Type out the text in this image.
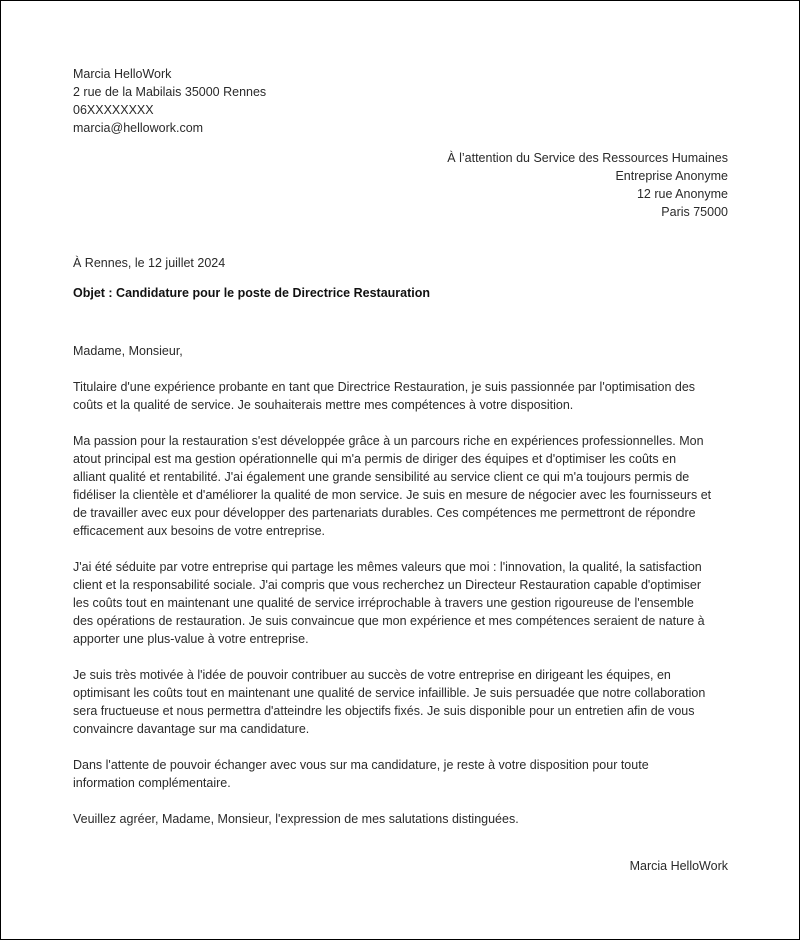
Marcia HelloWork
2 rue de la Mabilais 35000 Rennes
06XXXXXXXX
marcia@hellowork.com
À l’attention du Service des Ressources Humaines
Entreprise Anonyme
12 rue Anonyme
Paris 75000
À Rennes, le 12 juillet 2024
Objet : Candidature pour le poste de Directrice Restauration

Madame, Monsieur,

Titulaire d'une expérience probante en tant que Directrice Restauration, je suis passionnée par l'optimisation des
coûts et la qualité de service. Je souhaiterais mettre mes compétences à votre disposition.

Ma passion pour la restauration s'est développée grâce à un parcours riche en expériences professionnelles. Mon
atout principal est ma gestion opérationnelle qui m'a permis de diriger des équipes et d'optimiser les coûts en
alliant qualité et rentabilité. J'ai également une grande sensibilité au service client ce qui m'a toujours permis de
fidéliser la clientèle et d'améliorer la qualité de mon service. Je suis en mesure de négocier avec les fournisseurs et
de travailler avec eux pour développer des partenariats durables. Ces compétences me permettront de répondre
efficacement aux besoins de votre entreprise.

J'ai été séduite par votre entreprise qui partage les mêmes valeurs que moi : l'innovation, la qualité, la satisfaction
client et la responsabilité sociale. J'ai compris que vous recherchez un Directeur Restauration capable d'optimiser
les coûts tout en maintenant une qualité de service irréprochable à travers une gestion rigoureuse de l'ensemble
des opérations de restauration. Je suis convaincue que mon expérience et mes compétences seraient de nature à
apporter une plus-value à votre entreprise.

Je suis très motivée à l'idée de pouvoir contribuer au succès de votre entreprise en dirigeant les équipes, en
optimisant les coûts tout en maintenant une qualité de service infaillible. Je suis persuadée que notre collaboration
sera fructueuse et nous permettra d'atteindre les objectifs fixés. Je suis disponible pour un entretien afin de vous
convaincre davantage sur ma candidature.

Dans l'attente de pouvoir échanger avec vous sur ma candidature, je reste à votre disposition pour toute
information complémentaire.

Veuillez agréer, Madame, Monsieur, l'expression de mes salutations distinguées.

Marcia HelloWork
